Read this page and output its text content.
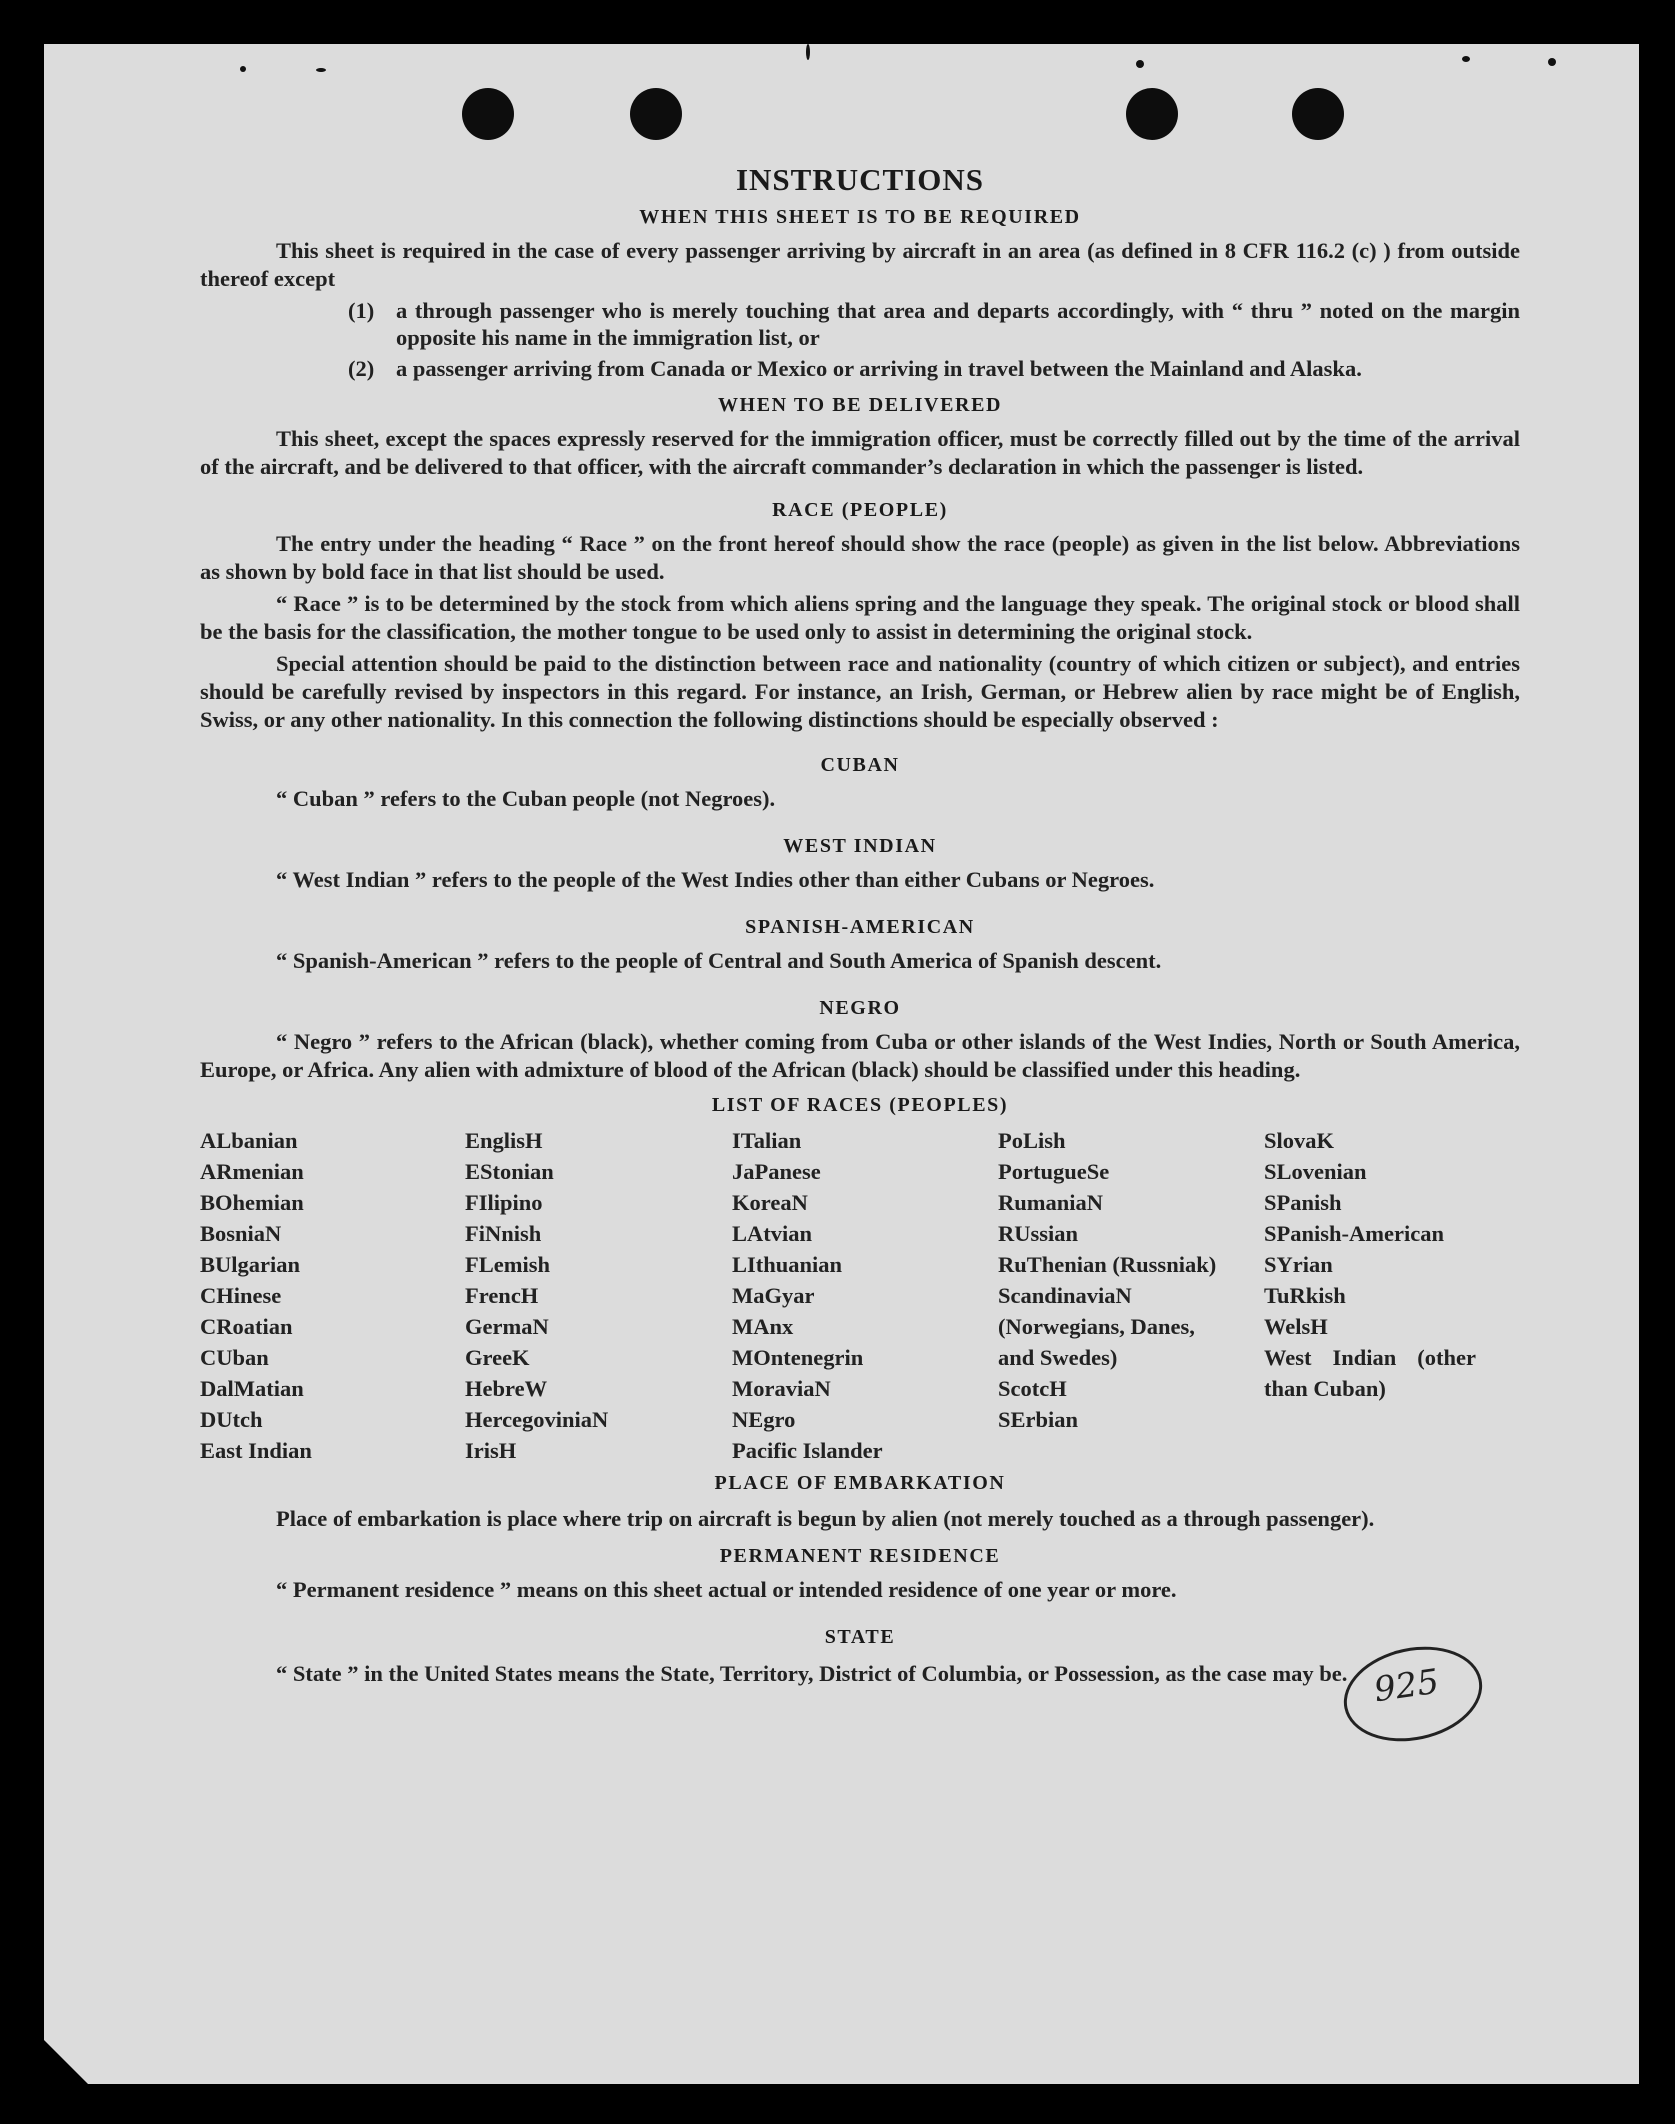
925
INSTRUCTIONS
WHEN THIS SHEET IS TO BE REQUIRED

This sheet is required in the case of every passenger arriving by aircraft in an area (as defined in 8 CFR 116.2 (c) ) from outside thereof except

(1) a through passenger who is merely touching that area and departs accordingly, with “ thru ” noted on the margin opposite his name in the immigration list, or
(2) a passenger arriving from Canada or Mexico or arriving in travel between the Mainland and Alaska.
WHEN TO BE DELIVERED

This sheet, except the spaces expressly reserved for the immigration officer, must be correctly filled out by the time of the arrival of the aircraft, and be delivered to that officer, with the aircraft commander’s declaration in which the passenger is listed.

RACE (PEOPLE)

The entry under the heading “ Race ” on the front hereof should show the race (people) as given in the list below. Abbreviations as shown by bold face in that list should be used.

“ Race ” is to be determined by the stock from which aliens spring and the language they speak. The original stock or blood shall be the basis for the classification, the mother tongue to be used only to assist in determining the original stock.

Special attention should be paid to the distinction between race and nationality (country of which citizen or subject), and entries should be carefully revised by inspectors in this regard. For instance, an Irish, German, or Hebrew alien by race might be of English, Swiss, or any other nationality. In this connection the following distinctions should be especially observed :

CUBAN

“ Cuban ” refers to the Cuban people (not Negroes).

WEST INDIAN

“ West Indian ” refers to the people of the West Indies other than either Cubans or Negroes.

SPANISH-AMERICAN

“ Spanish-American ” refers to the people of Central and South America of Spanish descent.

NEGRO

“ Negro ” refers to the African (black), whether coming from Cuba or other islands of the West Indies, North or South America, Europe, or Africa. Any alien with admixture of blood of the African (black) should be classified under this heading.

LIST OF RACES (PEOPLES)
ALbanian
ARmenian
BOhemian
BosniaN
BUlgarian
CHinese
CRoatian
CUban
DalMatian
DUtch
East Indian
EnglisH
EStonian
FIlipino
FiNnish
FLemish
FrencH
GermaN
GreeK
HebreW
HercegoviniaN
IrisH
ITalian
JaPanese
KoreaN
LAtvian
LIthuanian
MaGyar
MAnx
MOntenegrin
MoraviaN
NEgro
Pacific Islander
PoLish
PortugueSe
RumaniaN
RUssian
RuThenian (Russniak)
ScandinaviaN (Norwegians, Danes, and Swedes)
ScotcH
SErbian
SlovaK
SLovenian
SPanish
SPanish-American
SYrian
TuRkish
WelsH
West Indian (other than Cuban)
PLACE OF EMBARKATION

Place of embarkation is place where trip on aircraft is begun by alien (not merely touched as a through passenger).

PERMANENT RESIDENCE

“ Permanent residence ” means on this sheet actual or intended residence of one year or more.

STATE

“ State ” in the United States means the State, Territory, District of Columbia, or Possession, as the case may be.
